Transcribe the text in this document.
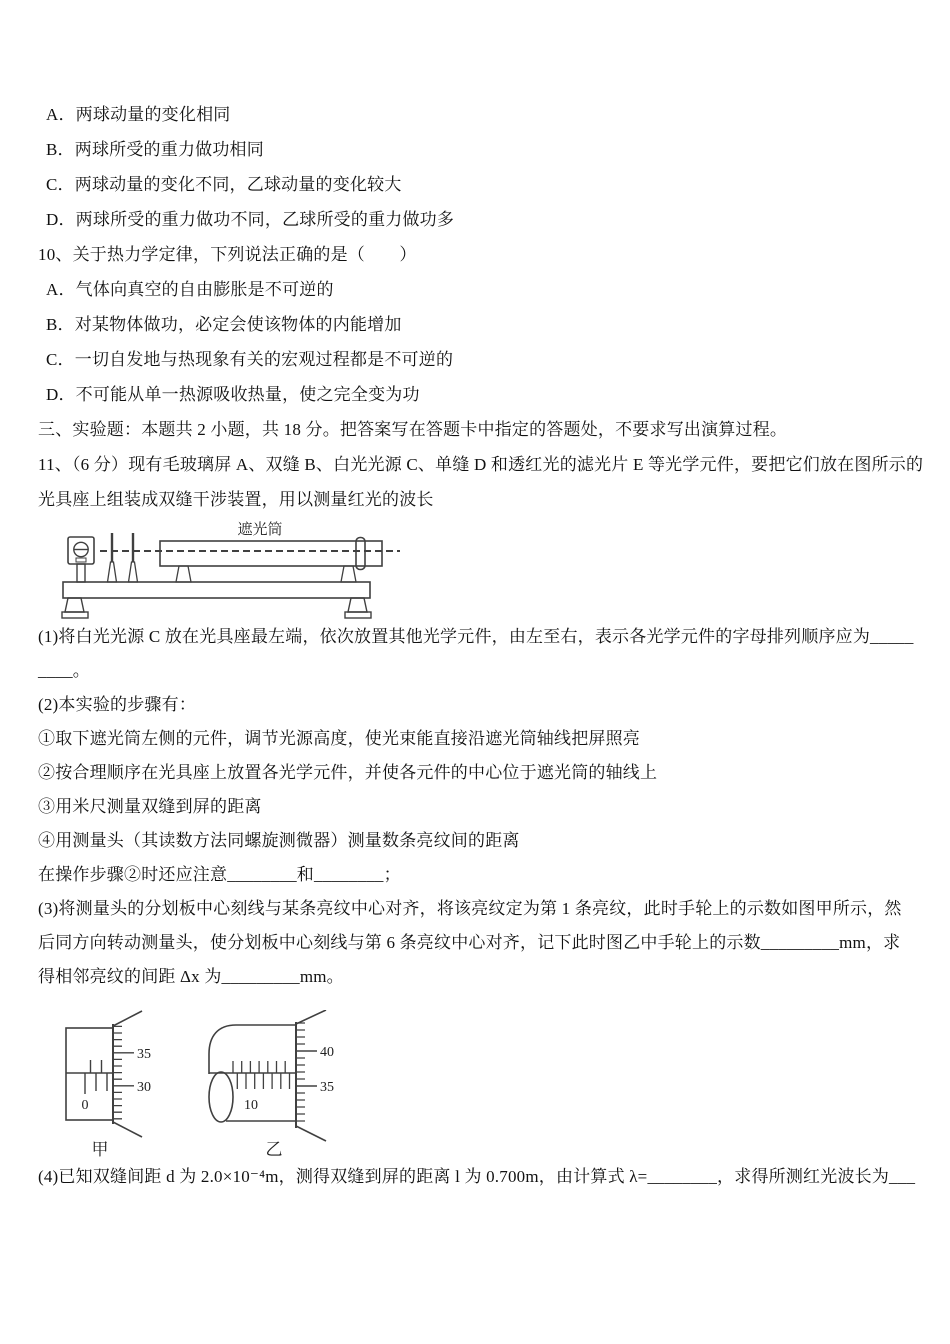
A．两球动量的变化相同

B．两球所受的重力做功相同

C．两球动量的变化不同，乙球动量的变化较大

D．两球所受的重力做功不同，乙球所受的重力做功多

10、关于热力学定律，下列说法正确的是（　　）

A．气体向真空的自由膨胀是不可逆的

B．对某物体做功，必定会使该物体的内能增加

C．一切自发地与热现象有关的宏观过程都是不可逆的

D．不可能从单一热源吸收热量，使之完全变为功

三、实验题：本题共 2 小题，共 18 分。把答案写在答题卡中指定的答题处，不要求写出演算过程。

11、（6 分）现有毛玻璃屏 A、双缝 B、白光光源 C、单缝 D 和透红光的滤光片 E 等光学元件，要把它们放在图所示的

光具座上组装成双缝干涉装置，用以测量红光的波长

遮光筒

(1)将白光光源 C 放在光具座最左端，依次放置其他光学元件，由左至右，表示各光学元件的字母排列顺序应为_____

____。

(2)本实验的步骤有：

①取下遮光筒左侧的元件，调节光源高度，使光束能直接沿遮光筒轴线把屏照亮

②按合理顺序在光具座上放置各光学元件，并使各元件的中心位于遮光筒的轴线上

③用米尺测量双缝到屏的距离

④用测量头（其读数方法同螺旋测微器）测量数条亮纹间的距离

在操作步骤②时还应注意________和________；

(3)将测量头的分划板中心刻线与某条亮纹中心对齐，将该亮纹定为第 1 条亮纹，此时手轮上的示数如图甲所示，然

后同方向转动测量头，使分划板中心刻线与第 6 条亮纹中心对齐，记下此时图乙中手轮上的示数_________mm，求

得相邻亮纹的间距 Δx 为_________mm。

0
35
30
甲
10
40
35
乙

(4)已知双缝间距 d 为 2.0×10⁻⁴m，测得双缝到屏的距离 l 为 0.700m，由计算式 λ=________，求得所测红光波长为___
